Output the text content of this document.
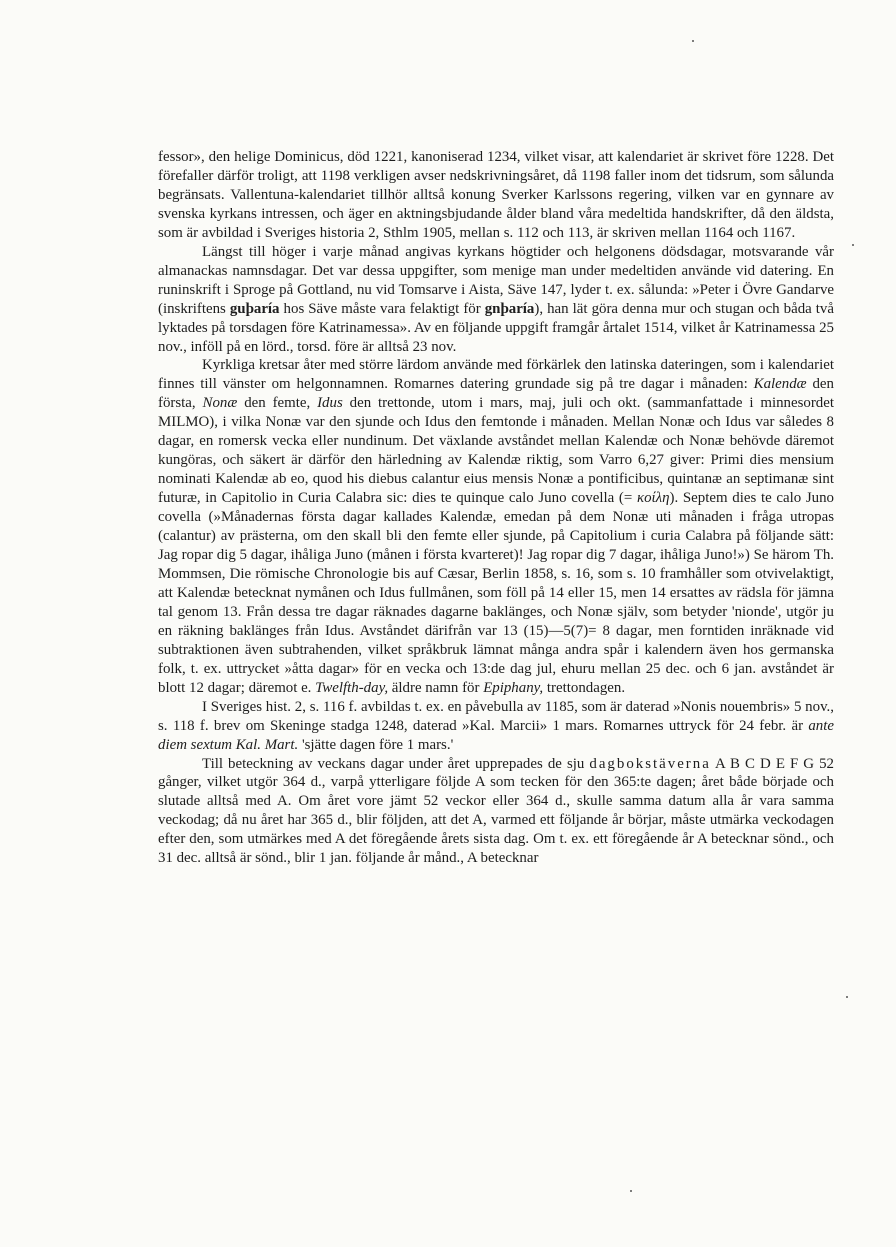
fessor», den helige Dominicus, död 1221, kanoniserad 1234, vilket visar, att kalendariet är skrivet före 1228. Det förefaller därför troligt, att 1198 verkligen avser nedskrivningsåret, då 1198 faller inom det tidsrum, som sålunda begränsats. Vallentuna-kalendariet tillhör alltså konung Sverker Karlssons regering, vilken var en gynnare av svenska kyrkans intressen, och äger en aktningsbjudande ålder bland våra medeltida handskrifter, då den äldsta, som är avbildad i Sveriges historia 2, Sthlm 1905, mellan s. 112 och 113, är skriven mellan 1164 och 1167.

Längst till höger i varje månad angivas kyrkans högtider och helgonens dödsdagar, motsvarande vår almanackas namnsdagar. Det var dessa uppgifter, som menige man under medeltiden använde vid datering. En runinskrift i Sproge på Gottland, nu vid Tomsarve i Aista, Säve 147, lyder t. ex. sålunda: »Peter i Övre Gandarve (inskriftens guþaría hos Säve måste vara felaktigt för gnþaría), han lät göra denna mur och stugan och båda två lyktades på torsdagen före Katrinamessa». Av en följande uppgift framgår årtalet 1514, vilket år Katrinamessa 25 nov., inföll på en lörd., torsd. före är alltså 23 nov.

Kyrkliga kretsar åter med större lärdom använde med förkärlek den latinska dateringen, som i kalendariet finnes till vänster om helgonnamnen. Romarnes datering grundade sig på tre dagar i månaden: Kalendæ den första, Nonæ den femte, Idus den trettonde, utom i mars, maj, juli och okt. (sammanfattade i minnesordet MILMO), i vilka Nonæ var den sjunde och Idus den femtonde i månaden. Mellan Nonæ och Idus var således 8 dagar, en romersk vecka eller nundinum. Det växlande avståndet mellan Kalendæ och Nonæ behövde däremot kungöras, och säkert är därför den härledning av Kalendæ riktig, som Varro 6,27 giver: Primi dies mensium nominati Kalendæ ab eo, quod his diebus calantur eius mensis Nonæ a pontificibus, quintanæ an septimanæ sint futuræ, in Capitolio in Curia Calabra sic: dies te quinque calo Juno covella (= κοίλη). Septem dies te calo Juno covella (»Månadernas första dagar kallades Kalendæ, emedan på dem Nonæ uti månaden i fråga utropas (calantur) av prästerna, om den skall bli den femte eller sjunde, på Capitolium i curia Calabra på följande sätt: Jag ropar dig 5 dagar, ihåliga Juno (månen i första kvarteret)! Jag ropar dig 7 dagar, ihåliga Juno!») Se härom Th. Mommsen, Die römische Chronologie bis auf Cæsar, Berlin 1858, s. 16, som s. 10 framhåller som otvivelaktigt, att Kalendæ betecknat nymånen och Idus fullmånen, som föll på 14 eller 15, men 14 ersattes av rädsla för jämna tal genom 13. Från dessa tre dagar räknades dagarne baklänges, och Nonæ själv, som betyder 'nionde', utgör ju en räkning baklänges från Idus. Avståndet därifrån var 13 (15)—5(7)= 8 dagar, men forntiden inräknade vid subtraktionen även subtrahenden, vilket språkbruk lämnat många andra spår i kalendern även hos germanska folk, t. ex. uttrycket »åtta dagar» för en vecka och 13:de dag jul, ehuru mellan 25 dec. och 6 jan. avståndet är blott 12 dagar; däremot e. Twelfth-day, äldre namn för Epiphany, trettondagen.

I Sveriges hist. 2, s. 116 f. avbildas t. ex. en påvebulla av 1185, som är daterad »Nonis nouembris» 5 nov., s. 118 f. brev om Skeninge stadga 1248, daterad »Kal. Marcii» 1 mars. Romarnes uttryck för 24 febr. är ante diem sextum Kal. Mart. 'sjätte dagen före 1 mars.'

Till beteckning av veckans dagar under året upprepades de sju dagbokstäverna A B C D E F G 52 gånger, vilket utgör 364 d., varpå ytterligare följde A som tecken för den 365:te dagen; året både började och slutade alltså med A. Om året vore jämt 52 veckor eller 364 d., skulle samma datum alla år vara samma veckodag; då nu året har 365 d., blir följden, att det A, varmed ett följande år börjar, måste utmärka veckodagen efter den, som utmärkes med A det föregående årets sista dag. Om t. ex. ett föregående år A betecknar sönd., och 31 dec. alltså är sönd., blir 1 jan. följande år månd., A betecknar
